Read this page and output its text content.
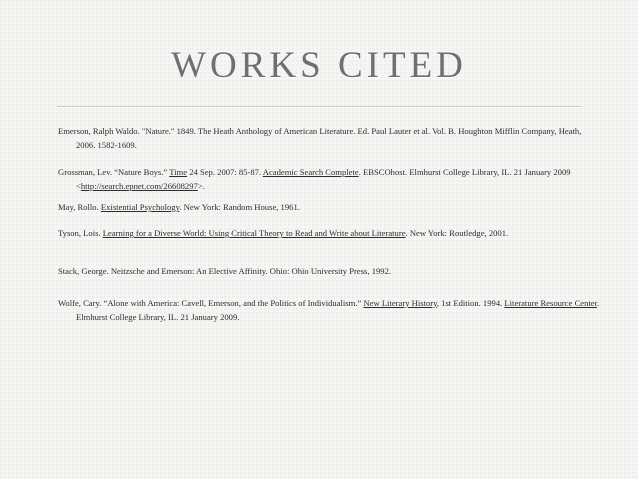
WORKS CITED

Emerson, Ralph Waldo. "Nature." 1849. The Heath Anthology of American Literature. Ed. Paul Lauter et al. Vol. B. Houghton Mifflin Company, Heath, 2006. 1582-1609.

Grossman, Lev. “Nature Boys.” Time 24 Sep. 2007: 85-87. Academic Search Complete. EBSCOhost. Elmhurst College Library, IL. 21 January 2009 <http://search.epnet.com/26608297>.

May, Rollo. Existential Psychology. New York: Random House, 1961.

Tyson, Lois. Learning for a Diverse World: Using Critical Theory to Read and Write about Literature. New York: Routledge, 2001.

Stack, George. Neitzsche and Emerson: An Elective Affinity. Ohio: Ohio University Press, 1992.

Wolfe, Cary. “Alone with America: Cavell, Emerson, and the Politics of Individualism.” New Literary History, 1st Edition. 1994. Literature Resource Center. Elmhurst College Library, IL. 21 January 2009.
